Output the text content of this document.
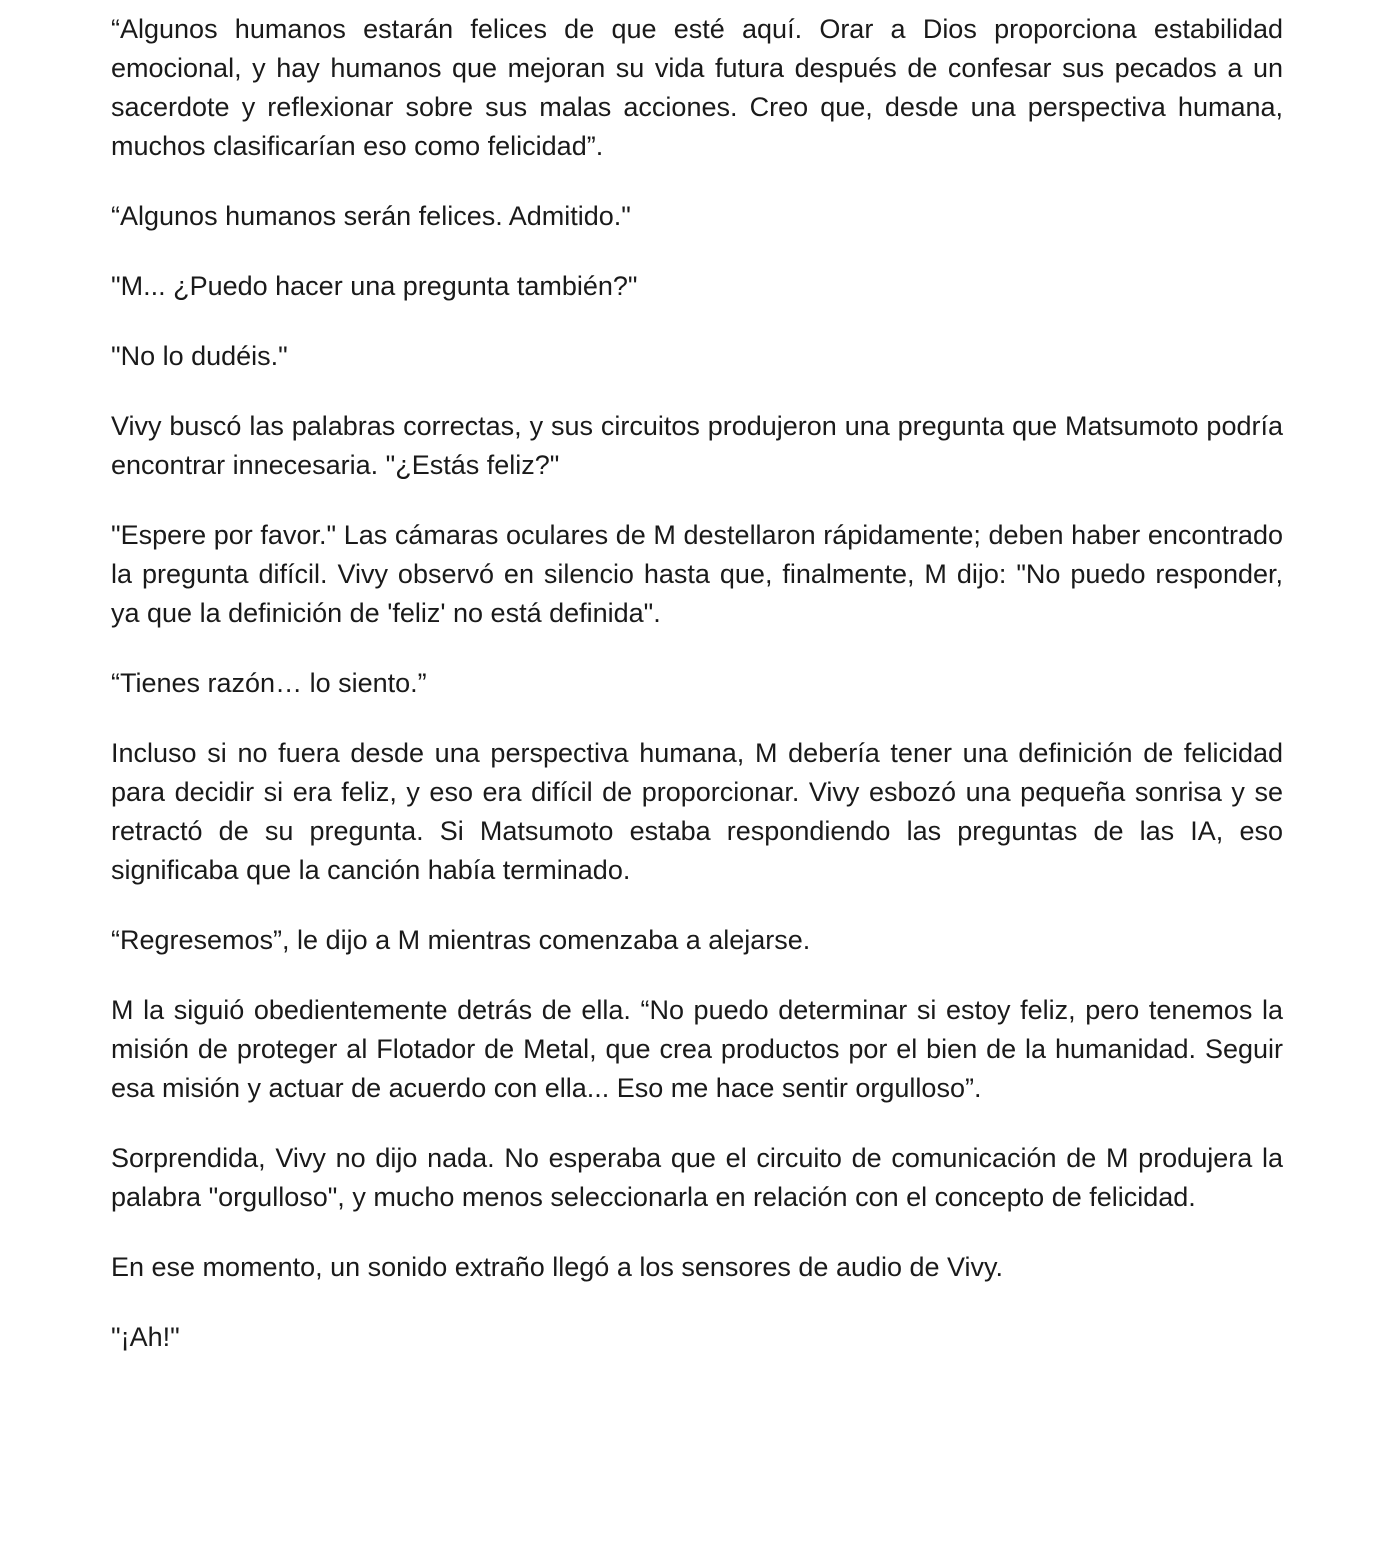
“Algunos humanos estarán felices de que esté aquí. Orar a Dios proporciona estabilidad emocional, y hay humanos que mejoran su vida futura después de confesar sus pecados a un sacerdote y reflexionar sobre sus malas acciones. Creo que, desde una perspectiva humana, muchos clasificarían eso como felicidad”.

“Algunos humanos serán felices. Admitido."

"M... ¿Puedo hacer una pregunta también?"

"No lo dudéis."

Vivy buscó las palabras correctas, y sus circuitos produjeron una pregunta que Matsumoto podría encontrar innecesaria. "¿Estás feliz?"

"Espere por favor." Las cámaras oculares de M destellaron rápidamente; deben haber encontrado la pregunta difícil. Vivy observó en silencio hasta que, finalmente, M dijo: "No puedo responder, ya que la definición de 'feliz' no está definida".

“Tienes razón… lo siento.”

Incluso si no fuera desde una perspectiva humana, M debería tener una definición de felicidad para decidir si era feliz, y eso era difícil de proporcionar. Vivy esbozó una pequeña sonrisa y se retractó de su pregunta. Si Matsumoto estaba respondiendo las preguntas de las IA, eso significaba que la canción había terminado.

“Regresemos”, le dijo a M mientras comenzaba a alejarse.

M la siguió obedientemente detrás de ella. “No puedo determinar si estoy feliz, pero tenemos la misión de proteger al Flotador de Metal, que crea productos por el bien de la humanidad. Seguir esa misión y actuar de acuerdo con ella... Eso me hace sentir orgulloso”.

Sorprendida, Vivy no dijo nada. No esperaba que el circuito de comunicación de M produjera la palabra "orgulloso", y mucho menos seleccionarla en relación con el concepto de felicidad.

En ese momento, un sonido extraño llegó a los sensores de audio de Vivy.

"¡Ah!"
